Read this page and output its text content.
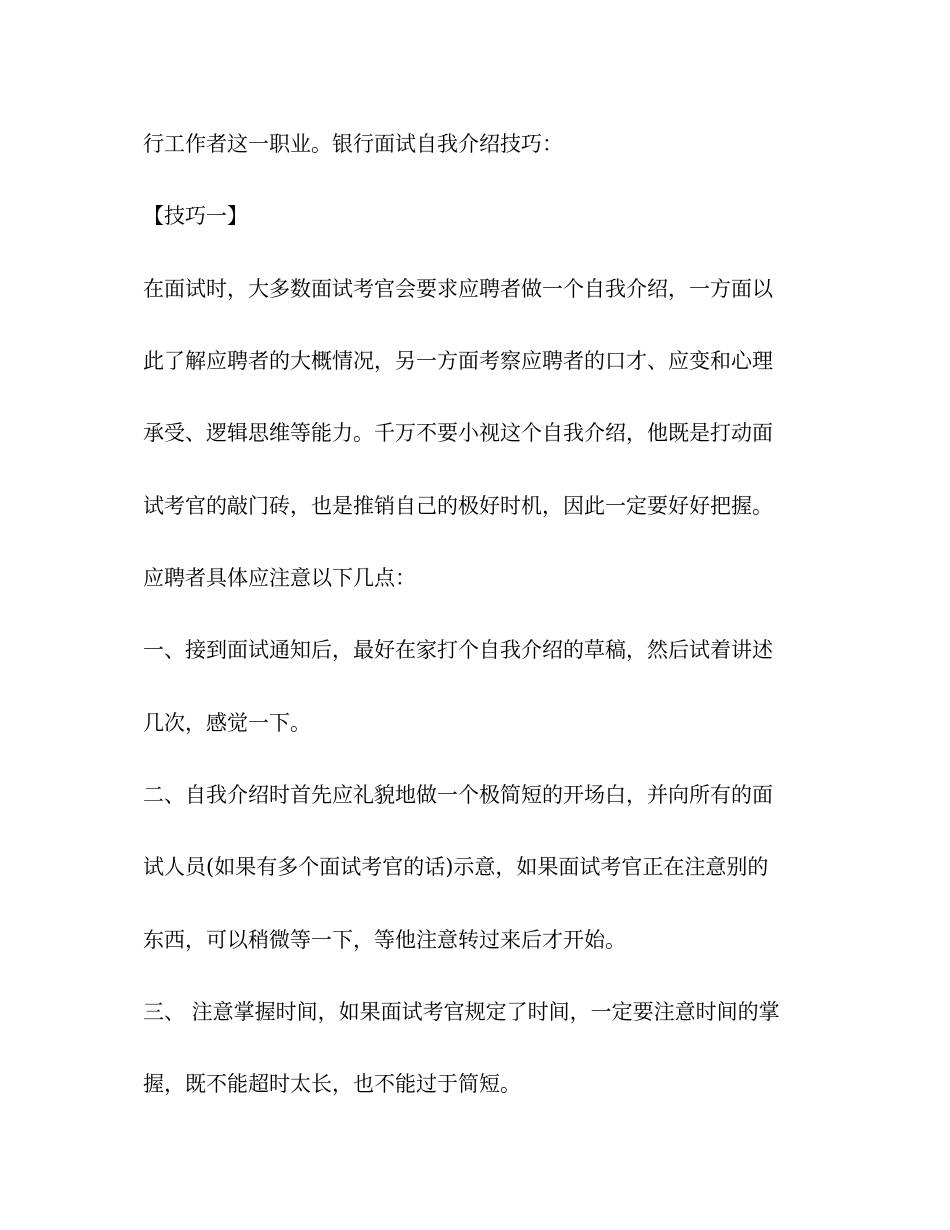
行工作者这一职业。银行面试自我介绍技巧：
【技巧一】
在面试时，大多数面试考官会要求应聘者做一个自我介绍，一方面以
此了解应聘者的大概情况，另一方面考察应聘者的口才、应变和心理
承受、逻辑思维等能力。千万不要小视这个自我介绍，他既是打动面
试考官的敲门砖，也是推销自己的极好时机，因此一定要好好把握。
应聘者具体应注意以下几点：
一、接到面试通知后，最好在家打个自我介绍的草稿，然后试着讲述
几次，感觉一下。
二、自我介绍时首先应礼貌地做一个极简短的开场白，并向所有的面
试人员(如果有多个面试考官的话)示意，如果面试考官正在注意别的
东西，可以稍微等一下，等他注意转过来后才开始。
三、 注意掌握时间，如果面试考官规定了时间，一定要注意时间的掌
握，既不能超时太长，也不能过于简短。
